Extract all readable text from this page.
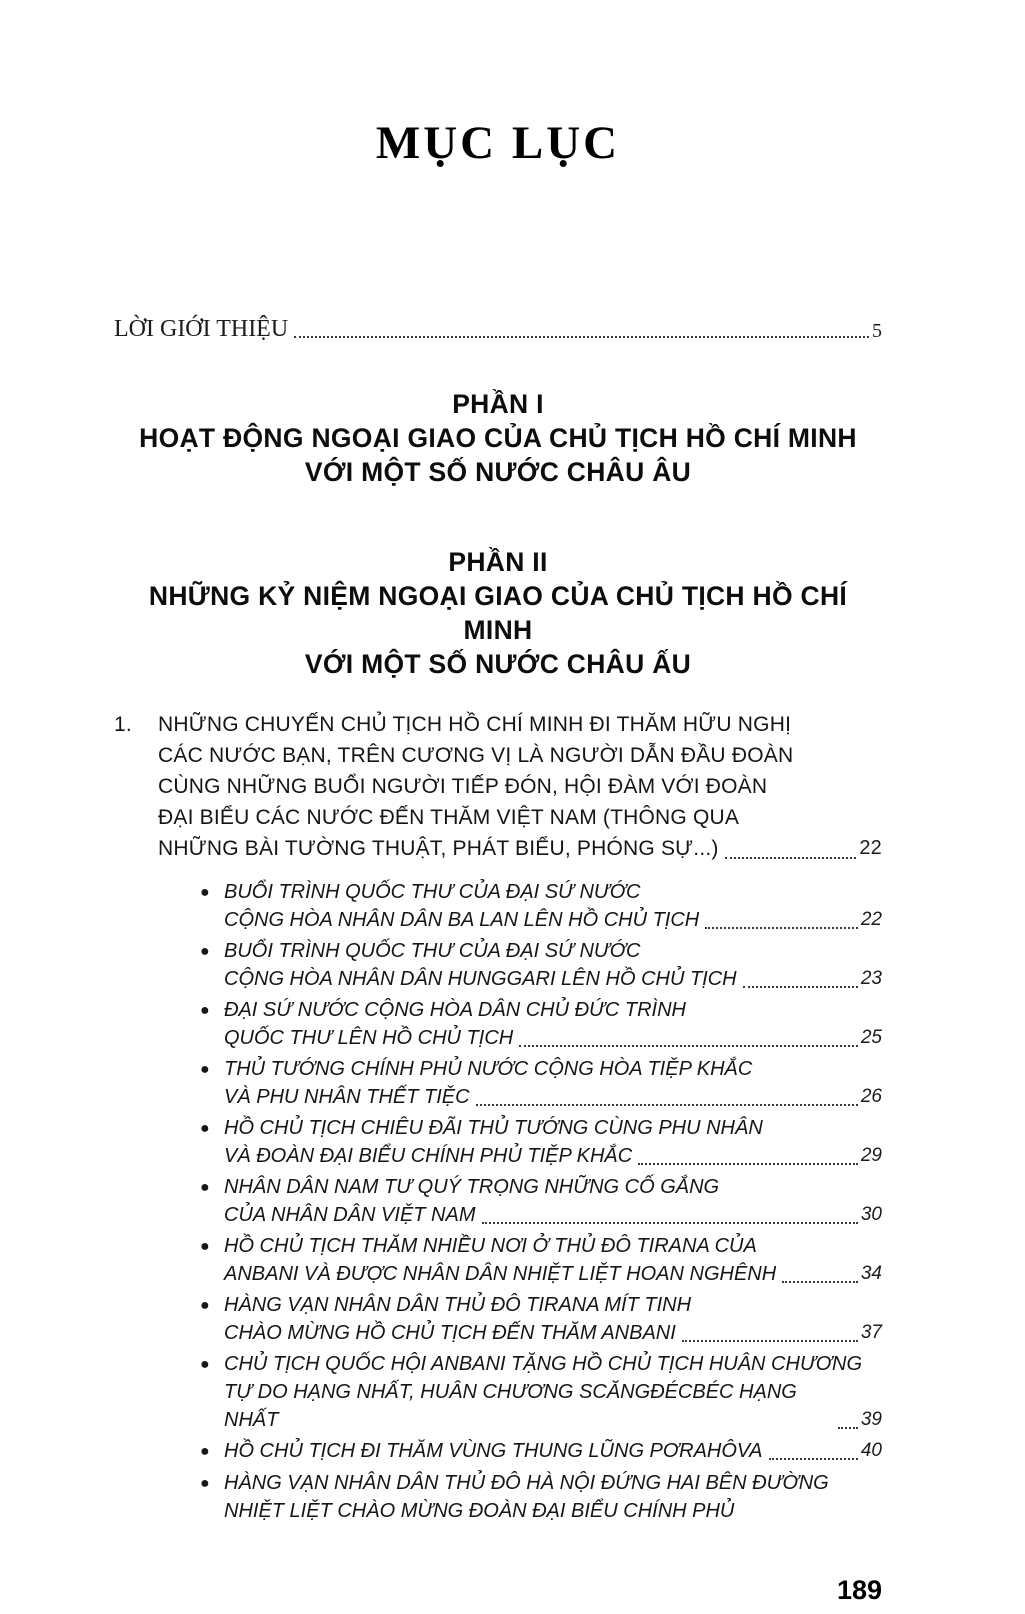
MỤC LỤC
LỜI GIỚI THIỆU	5
PHẦN I
HOẠT ĐỘNG NGOẠI GIAO CỦA CHỦ TỊCH HỒ CHÍ MINH
VỚI MỘT SỐ NƯỚC CHÂU ÂU
PHẦN II
NHỮNG KỶ NIỆM NGOẠI GIAO CỦA CHỦ TỊCH HỒ CHÍ MINH
VỚI MỘT SỐ NƯỚC CHÂU ẤU
1.	NHỮNG CHUYẾN CHỦ TỊCH HỒ CHÍ MINH ĐI THĂM HỮU NGHỊ
CÁC NƯỚC BẠN, TRÊN CƯƠNG VỊ LÀ NGƯỜI DẪN ĐẦU ĐOÀN
CÙNG NHỮNG BUỔI NGƯỜI TIẾP ĐÓN, HỘI ĐÀM VỚI ĐOÀN
ĐẠI BIỂU CÁC NƯỚC ĐẾN THĂM VIỆT NAM (THÔNG QUA
NHỮNG BÀI TƯỜNG THUẬT, PHÁT BIỂU, PHÓNG SỰ...)	22
● BUỔI TRÌNH QUỐC THƯ CỦA ĐẠI SỨ NƯỚC
CỘNG HÒA NHÂN DÂN BA LAN LÊN HỒ CHỦ TỊCH	22
● BUỔI TRÌNH QUỐC THƯ CỦA ĐẠI SỨ NƯỚC
CỘNG HÒA NHÂN DÂN HUNGGARI LÊN HỒ CHỦ TỊCH	23
● ĐẠI SỨ NƯỚC CỘNG HÒA DÂN CHỦ ĐỨC TRÌNH
QUỐC THƯ LÊN HỒ CHỦ TỊCH	25
● THỦ TƯỚNG CHÍNH PHỦ NƯỚC CỘNG HÒA TIỆP KHẮC
VÀ PHU NHÂN THẾT TIỆC	26
● HỒ CHỦ TỊCH CHIÊU ĐÃI THỦ TƯỚNG CÙNG PHU NHÂN
VÀ ĐOÀN ĐẠI BIỂU CHÍNH PHỦ TIỆP KHẮC	29
● NHÂN DÂN NAM TƯ QUÝ TRỌNG NHỮNG CỐ GẮNG
CỦA NHÂN DÂN VIỆT NAM	30
● HỒ CHỦ TỊCH THĂM NHIỀU NƠI Ở THỦ ĐÔ TIRANA CỦA
ANBANI VÀ ĐƯỢC NHÂN DÂN NHIỆT LIỆT HOAN NGHÊNH	34
● HÀNG VẠN NHÂN DÂN THỦ ĐÔ TIRANA MÍT TINH
CHÀO MỪNG HỒ CHỦ TỊCH ĐẾN THĂM ANBANI	37
● CHỦ TỊCH QUỐC HỘI ANBANI TẶNG HỒ CHỦ TỊCH HUÂN CHƯƠNG
TỰ DO HẠNG NHẤT, HUÂN CHƯƠNG SCĂNGĐÉCBÉC HẠNG NHẤT	39
● HỒ CHỦ TỊCH ĐI THĂM VÙNG THUNG LŨNG PƠRAHÔVA	40
● HÀNG VẠN NHÂN DÂN THỦ ĐÔ HÀ NỘI ĐỨNG HAI BÊN ĐƯỜNG
NHIỆT LIỆT CHÀO MỪNG ĐOÀN ĐẠI BIỂU CHÍNH PHỦ
189
